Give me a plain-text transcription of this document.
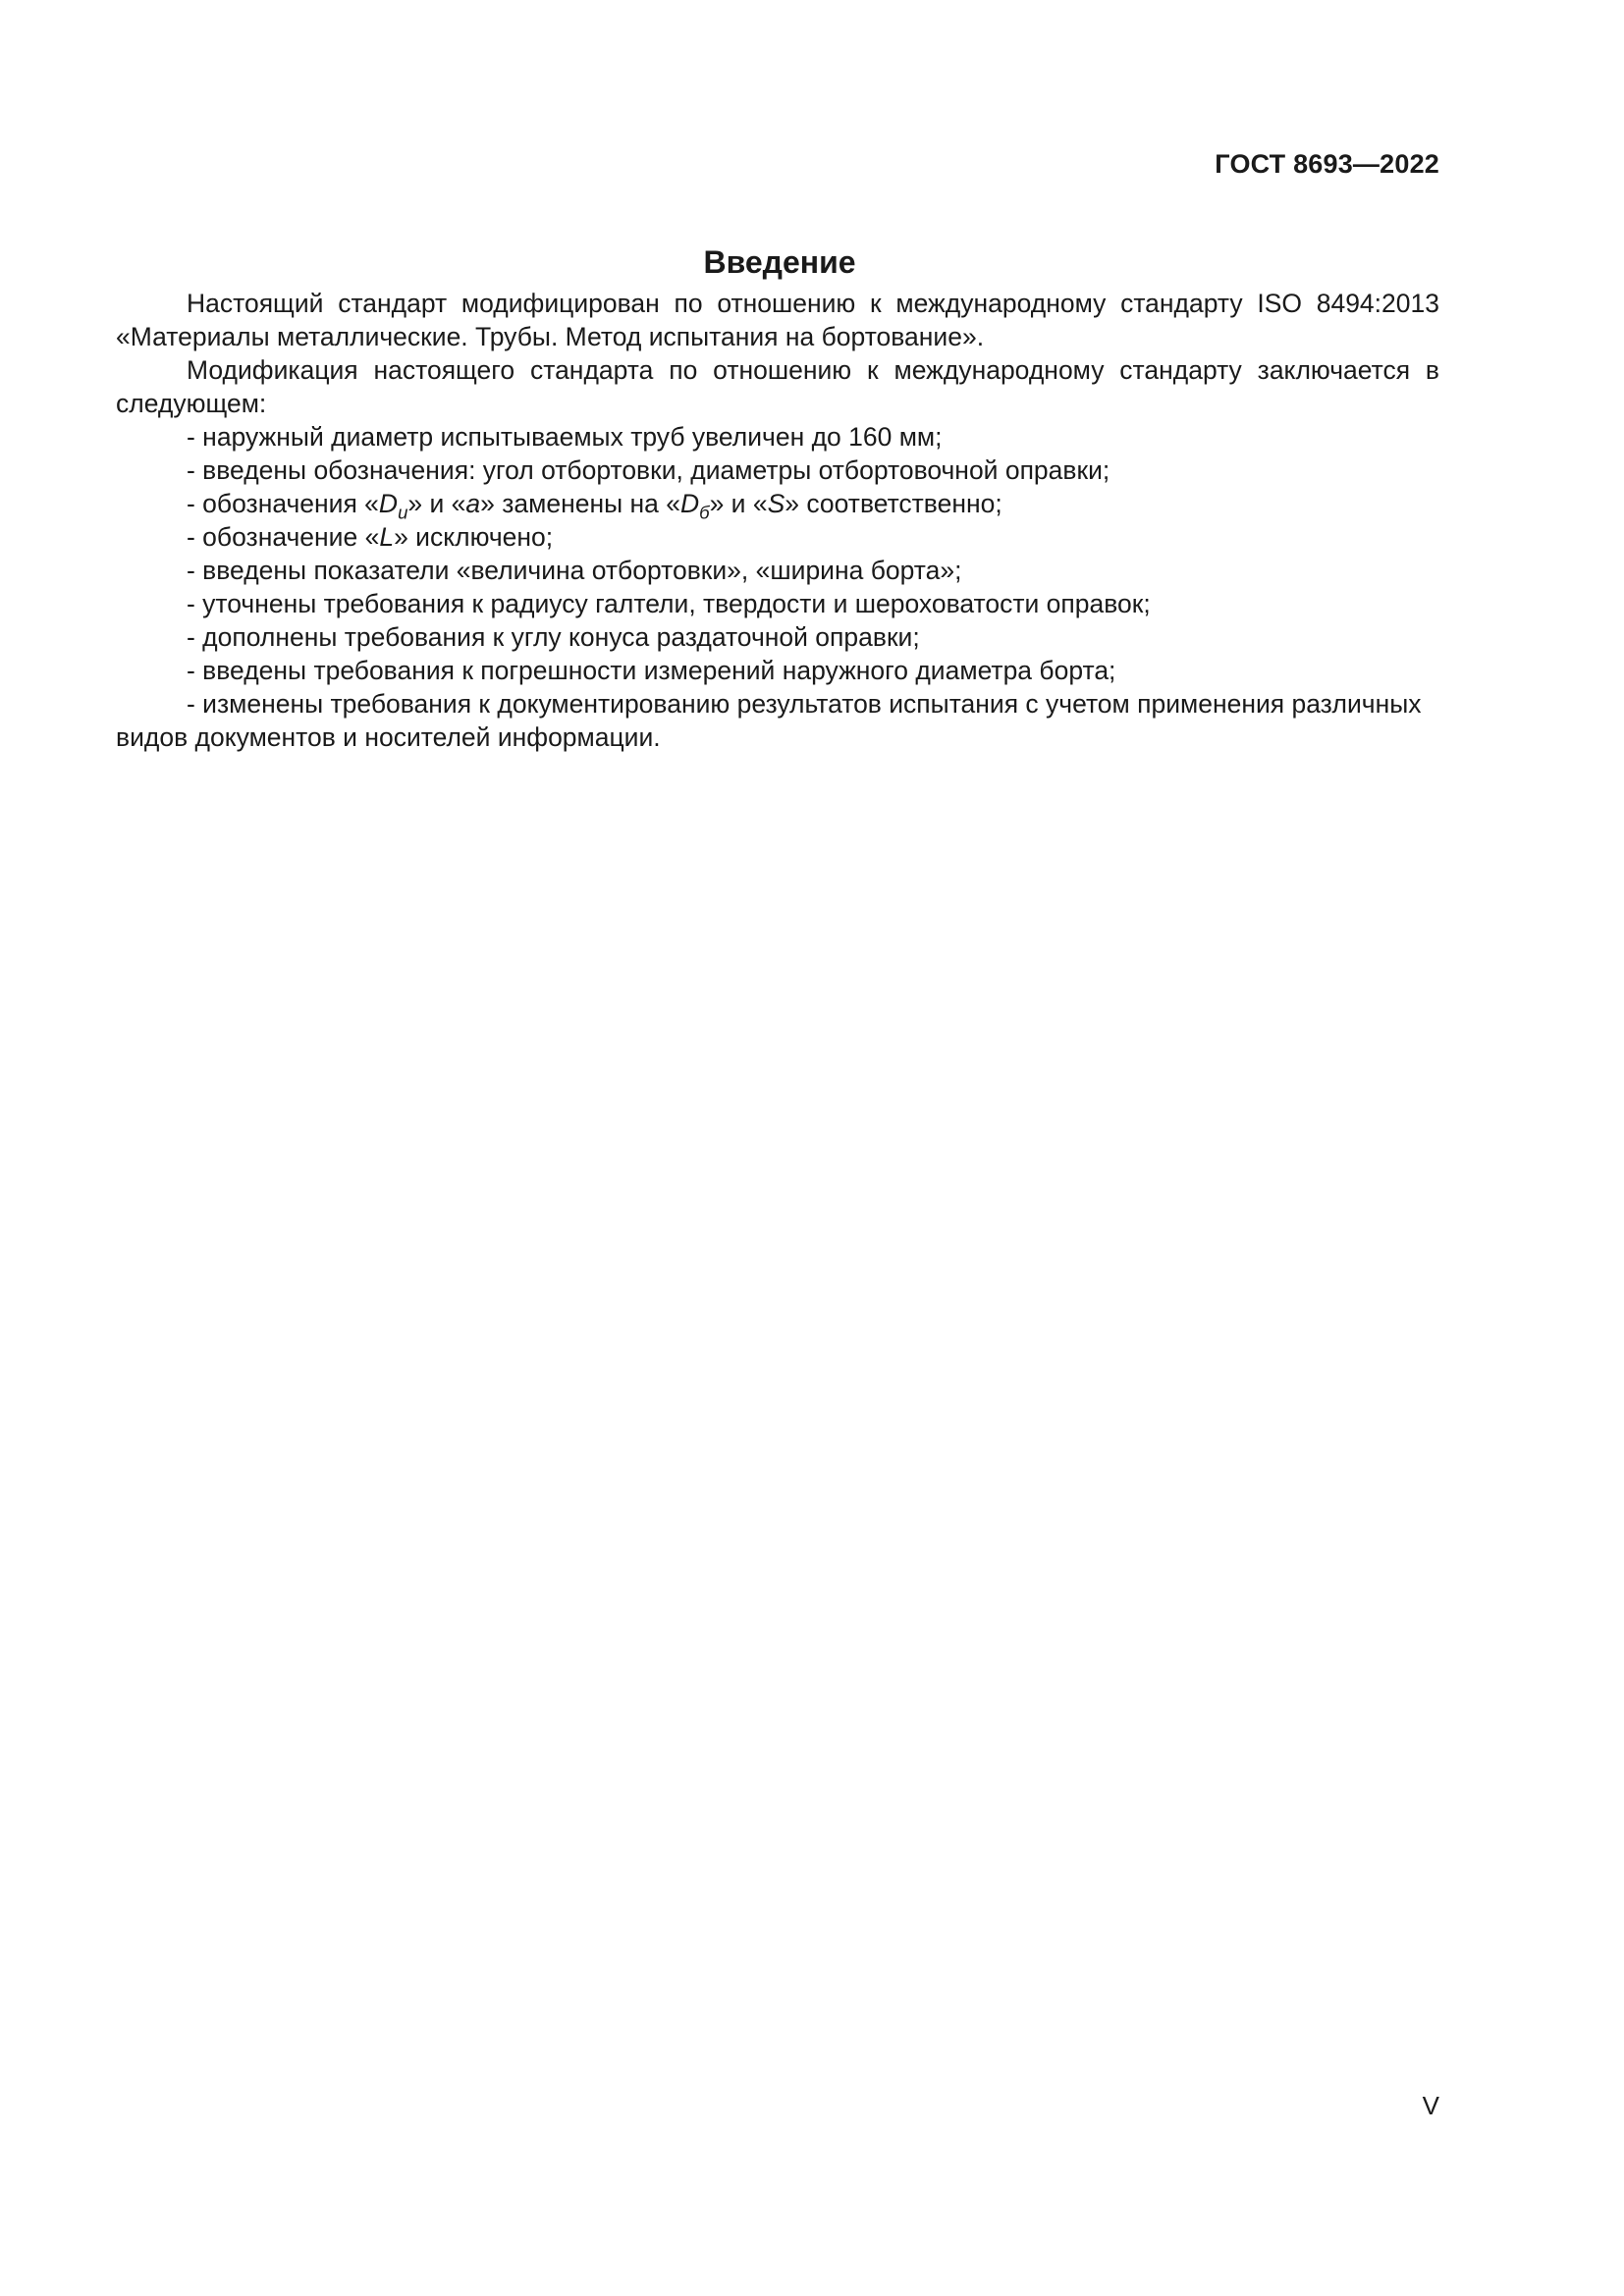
ГОСТ 8693—2022
Введение

Настоящий стандарт модифицирован по отношению к международному стандарту ISO 8494:2013 «Материалы металлические. Трубы. Метод испытания на бортование».

Модификация настоящего стандарта по отношению к международному стандарту заключается в следующем:

- наружный диаметр испытываемых труб увеличен до 160 мм;

- введены обозначения: угол отбортовки, диаметры отбортовочной оправки;

- обозначения «$D_u$» и «a» заменены на «$D_б$» и «S» соответственно;

- обозначение «L» исключено;

- введены показатели «величина отбортовки», «ширина борта»;

- уточнены требования к радиусу галтели, твердости и шероховатости оправок;

- дополнены требования к углу конуса раздаточной оправки;

- введены требования к погрешности измерений наружного диаметра борта;

- изменены требования к документированию результатов испытания с учетом применения различных видов документов и носителей информации.

V
